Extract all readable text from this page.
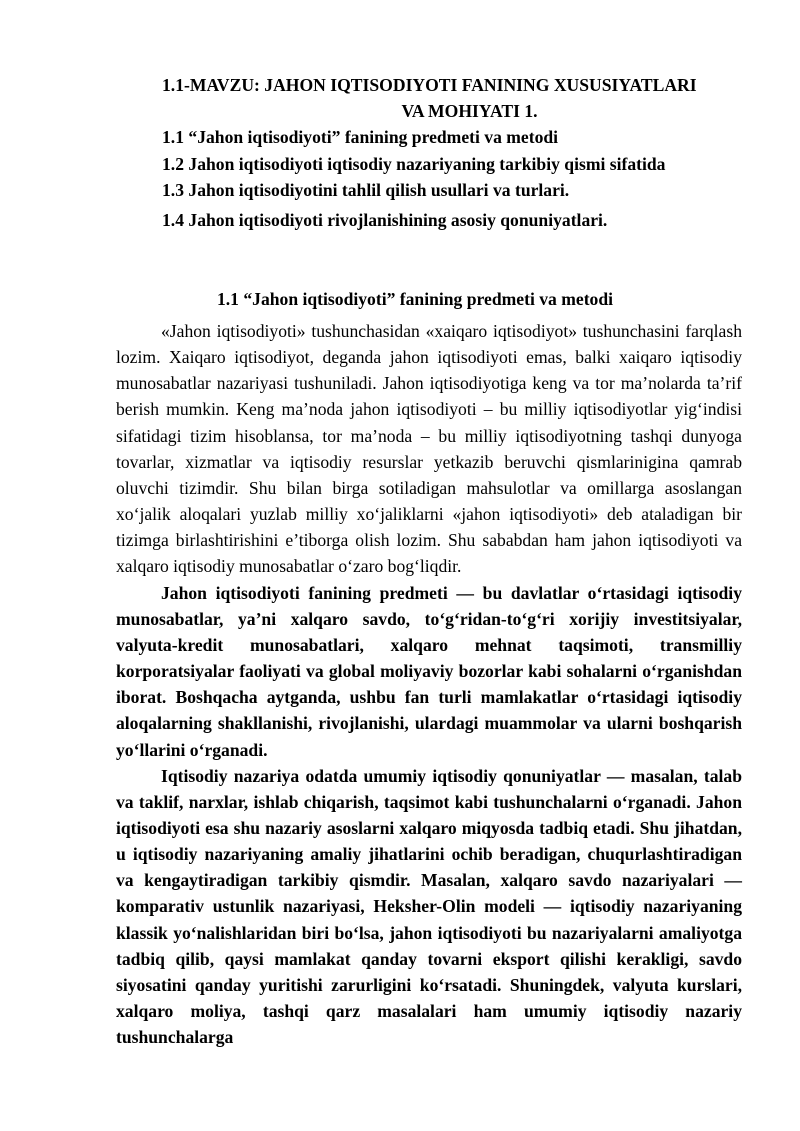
1.1-MAVZU: JAHON IQTISODIYOTI FANINING XUSUSIYATLARI
VA MOHIYATI 1.
1.1 “Jahon iqtisodiyoti” fanining predmeti va metodi
1.2 Jahon iqtisodiyoti iqtisodiy nazariyaning tarkibiy qismi sifatida
1.3 Jahon iqtisodiyotini tahlil qilish usullari va turlari.
1.4 Jahon iqtisodiyoti rivojlanishining asosiy qonuniyatlari.
1.1 “Jahon iqtisodiyoti” fanining predmeti va metodi

«Jahon iqtisodiyoti» tushunchasidan «xaiqaro iqtisodiyot» tushunchasini farqlash lozim. Xaiqaro iqtisodiyot, deganda jahon iqtisodiyoti emas, balki xaiqaro iqtisodiy munosabatlar nazariyasi tushuniladi. Jahon iqtisodiyotiga keng va tor ma’nolarda ta’rif berish mumkin. Keng ma’noda jahon iqtisodiyoti – bu milliy iqtisodiyotlar yig‘indisi sifatidagi tizim hisoblansa, tor ma’noda – bu milliy iqtisodiyotning tashqi dunyoga tovarlar, xizmatlar va iqtisodiy resurslar yetkazib beruvchi qismlarinigina qamrab oluvchi tizimdir. Shu bilan birga sotiladigan mahsulotlar va omillarga asoslangan xo‘jalik aloqalari yuzlab milliy xo‘jaliklarni «jahon iqtisodiyoti» deb ataladigan bir tizimga birlashtirishini e’tiborga olish lozim. Shu sababdan ham jahon iqtisodiyoti va xalqaro iqtisodiy munosabatlar o‘zaro bog‘liqdir.

Jahon iqtisodiyoti fanining predmeti — bu davlatlar o‘rtasidagi iqtisodiy munosabatlar, ya’ni xalqaro savdo, to‘g‘ridan-to‘g‘ri xorijiy investitsiyalar, valyuta-kredit munosabatlari, xalqaro mehnat taqsimoti, transmilliy korporatsiyalar faoliyati va global moliyaviy bozorlar kabi sohalarni o‘rganishdan iborat. Boshqacha aytganda, ushbu fan turli mamlakatlar o‘rtasidagi iqtisodiy aloqalarning shakllanishi, rivojlanishi, ulardagi muammolar va ularni boshqarish yo‘llarini o‘rganadi.

Iqtisodiy nazariya odatda umumiy iqtisodiy qonuniyatlar — masalan, talab va taklif, narxlar, ishlab chiqarish, taqsimot kabi tushunchalarni o‘rganadi. Jahon iqtisodiyoti esa shu nazariy asoslarni xalqaro miqyosda tadbiq etadi. Shu jihatdan, u iqtisodiy nazariyaning amaliy jihatlarini ochib beradigan, chuqurlashtiradigan va kengaytiradigan tarkibiy qismdir. Masalan, xalqaro savdo nazariyalari — komparativ ustunlik nazariyasi, Heksher-Olin modeli — iqtisodiy nazariyaning klassik yo‘nalishlaridan biri bo‘lsa, jahon iqtisodiyoti bu nazariyalarni amaliyotga tadbiq qilib, qaysi mamlakat qanday tovarni eksport qilishi kerakligi, savdo siyosatini qanday yuritishi zarurligini ko‘rsatadi. Shuningdek, valyuta kurslari, xalqaro moliya, tashqi qarz masalalari ham umumiy iqtisodiy nazariy tushunchalarga
